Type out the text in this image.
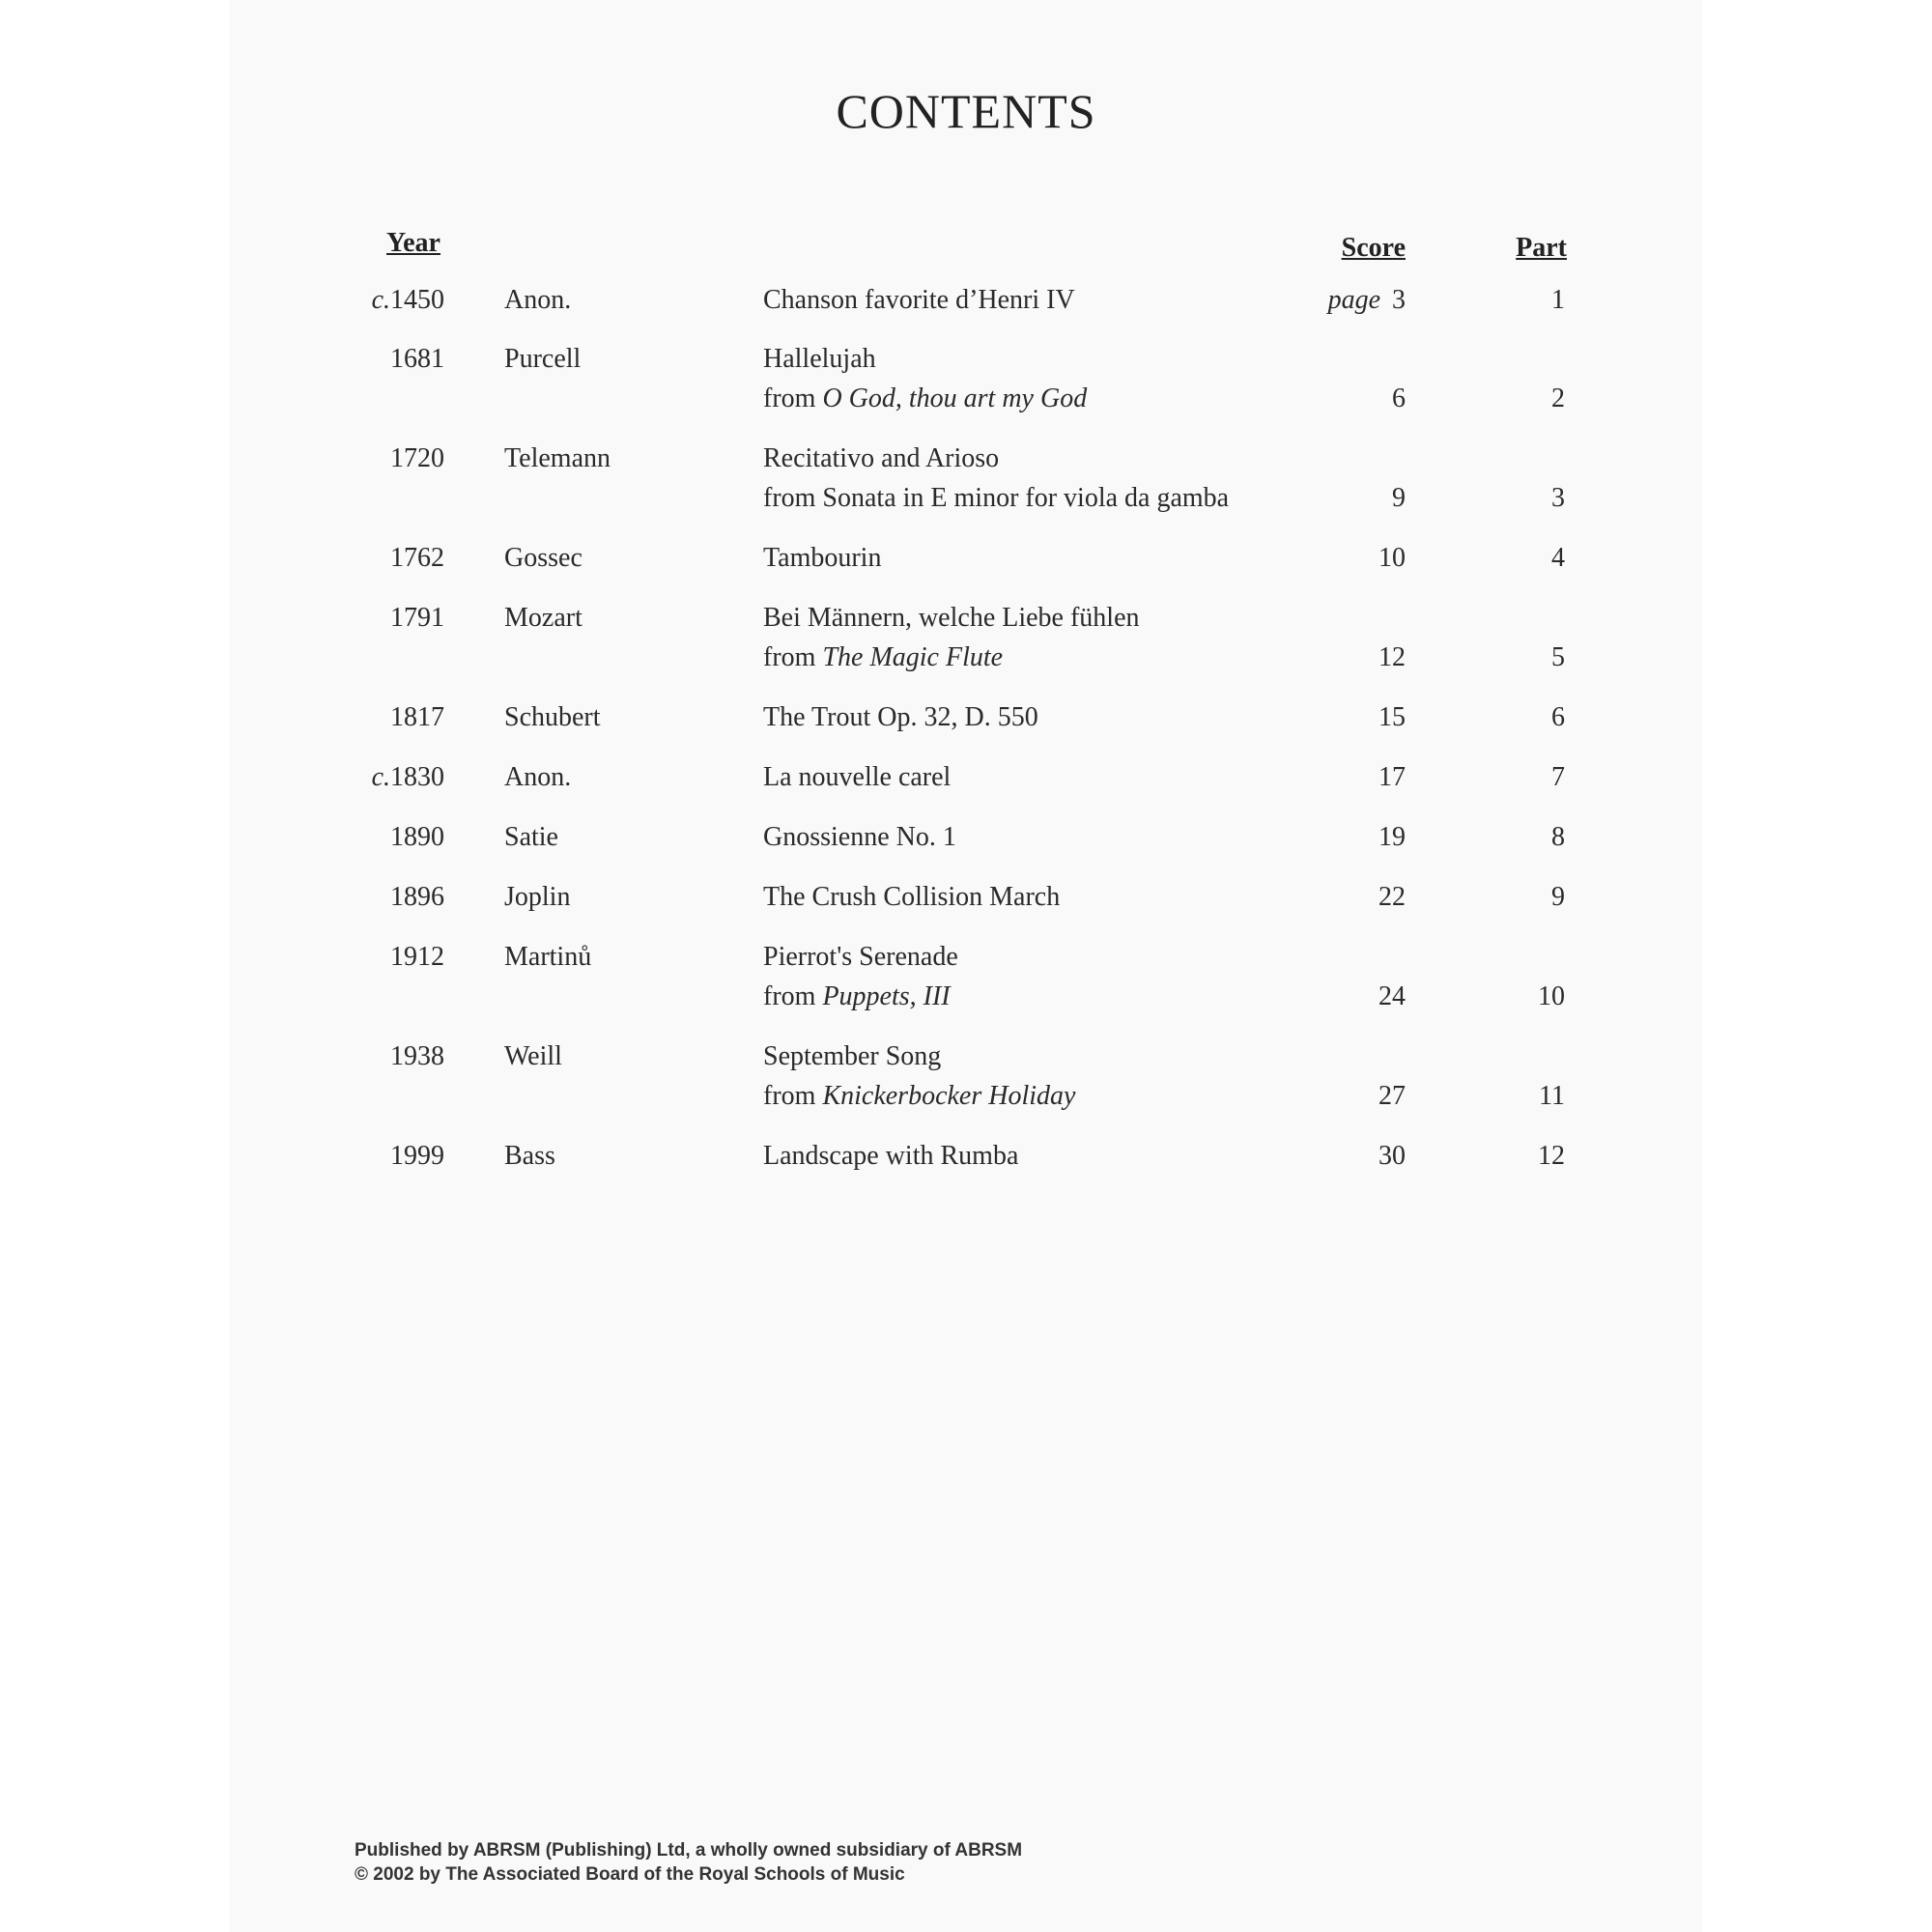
CONTENTS
Year	Score	Part
c.1450 Anon.	Chanson favorite d’Henri IV	page 3	1
1681 Purcell	Hallelujah
from O God, thou art my God	6	2
1720 Telemann	Recitativo and Arioso
from Sonata in E minor for viola da gamba	9	3
1762 Gossec	Tambourin	10	4
1791 Mozart	Bei Männern, welche Liebe fühlen
from The Magic Flute	12	5
1817 Schubert	The Trout Op. 32, D. 550	15	6
c.1830 Anon.	La nouvelle carel	17	7
1890 Satie	Gnossienne No. 1	19	8
1896 Joplin	The Crush Collision March	22	9
1912 Martinů	Pierrot's Serenade
from Puppets, III	24	10
1938 Weill	September Song
from Knickerbocker Holiday	27	11
1999 Bass	Landscape with Rumba	30	12
Published by ABRSM (Publishing) Ltd, a wholly owned subsidiary of ABRSM
© 2002 by The Associated Board of the Royal Schools of Music
